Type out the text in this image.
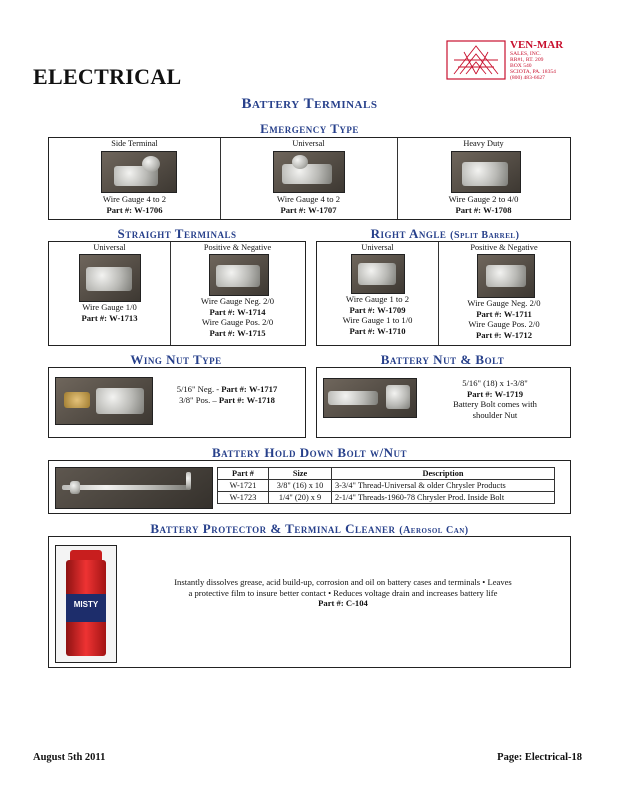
ELECTRICAL
VEN-MAR
SALES, INC.
RR#1, RT. 209
BOX 540
SCIOTA, PA. 18354
(800) 483-6627
Battery Terminals
Emergency Type
Side Terminal
Wire Gauge 4 to 2
Part #: W-1706
Universal
Wire Gauge 4 to 2
Part #: W-1707
Heavy Duty
Wire Gauge 2 to 4/0
Part #: W-1708
Straight Terminals
Universal
Wire Gauge 1/0
Part #: W-1713
Positive & Negative
Wire Gauge Neg. 2/0
Part #: W-1714
Wire Gauge Pos. 2/0
Part #: W-1715
Right Angle (Split Barrel)
Universal
Wire Gauge 1 to 2
Part #: W-1709
Wire Gauge 1 to 1/0
Part #: W-1710
Positive & Negative
Wire Gauge Neg. 2/0
Part #: W-1711
Wire Gauge Pos. 2/0
Part #: W-1712
Wing Nut Type
5/16" Neg. - Part #: W-1717
3/8" Pos. – Part #: W-1718
Battery Nut & Bolt
5/16" (18) x 1-3/8"
Part #: W-1719
Battery Bolt comes with
shoulder Nut
Battery Hold Down Bolt w/Nut
Part #	Size	Description
W-1721	3/8" (16) x 10	3-3/4" Thread-Universal & older Chrysler Products
W-1723	1/4" (20) x 9	2-1/4" Threads-1960-78 Chrysler Prod. Inside Bolt
Battery Protector & Terminal Cleaner (Aerosol Can)
MISTY
Instantly dissolves grease, acid build-up, corrosion and oil on battery cases and terminals • Leaves
a protective film to insure better contact • Reduces voltage drain and increases battery life
Part #: C-104
August 5th 2011	Page: Electrical-18
